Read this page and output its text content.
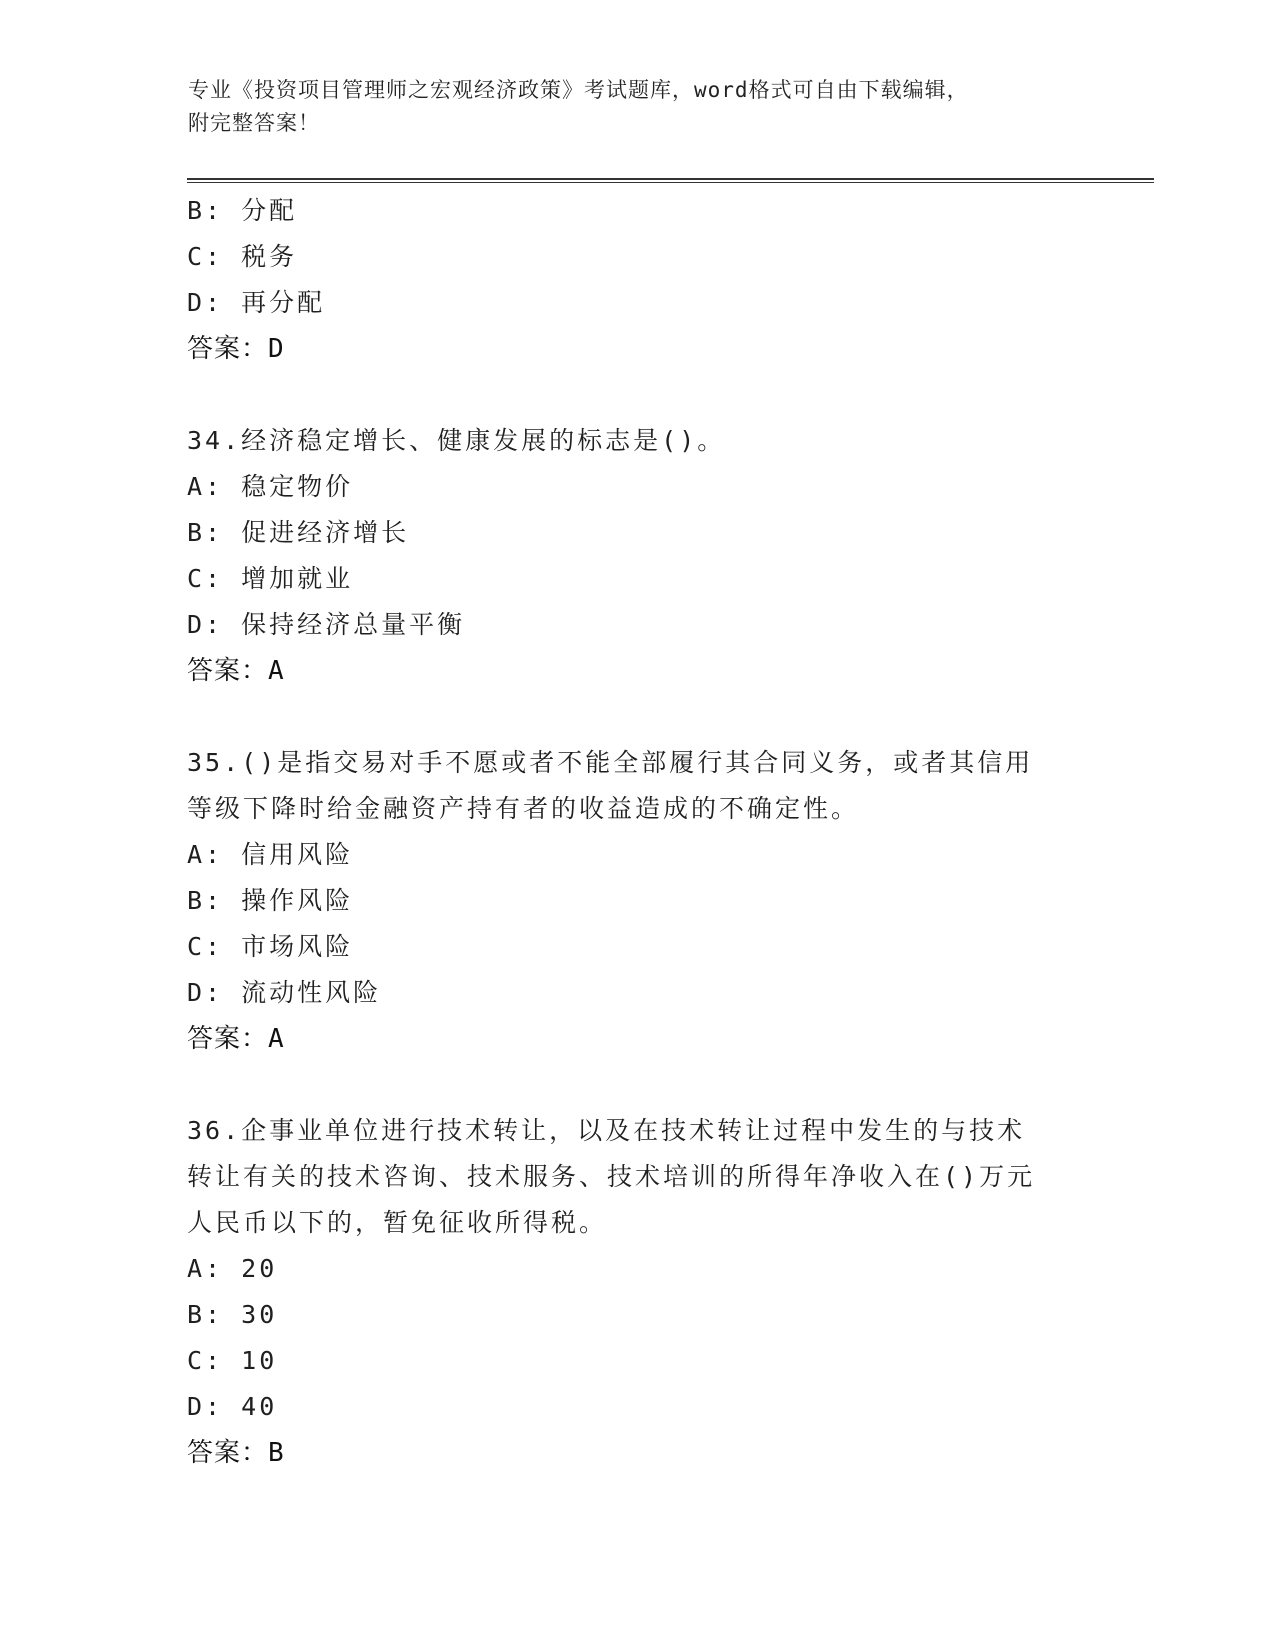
专业《投资项目管理师之宏观经济政策》考试题库，word格式可自由下载编辑，
附完整答案！
B: 分配
C: 税务
D: 再分配
答案：D
34.经济稳定增长、健康发展的标志是()。
A: 稳定物价
B: 促进经济增长
C: 增加就业
D: 保持经济总量平衡
答案：A
35.()是指交易对手不愿或者不能全部履行其合同义务，或者其信用等级下降时给金融资产持有者的收益造成的不确定性。
A: 信用风险
B: 操作风险
C: 市场风险
D: 流动性风险
答案：A
36.企事业单位进行技术转让，以及在技术转让过程中发生的与技术转让有关的技术咨询、技术服务、技术培训的所得年净收入在()万元人民币以下的，暂免征收所得税。
A: 20
B: 30
C: 10
D: 40
答案：B
